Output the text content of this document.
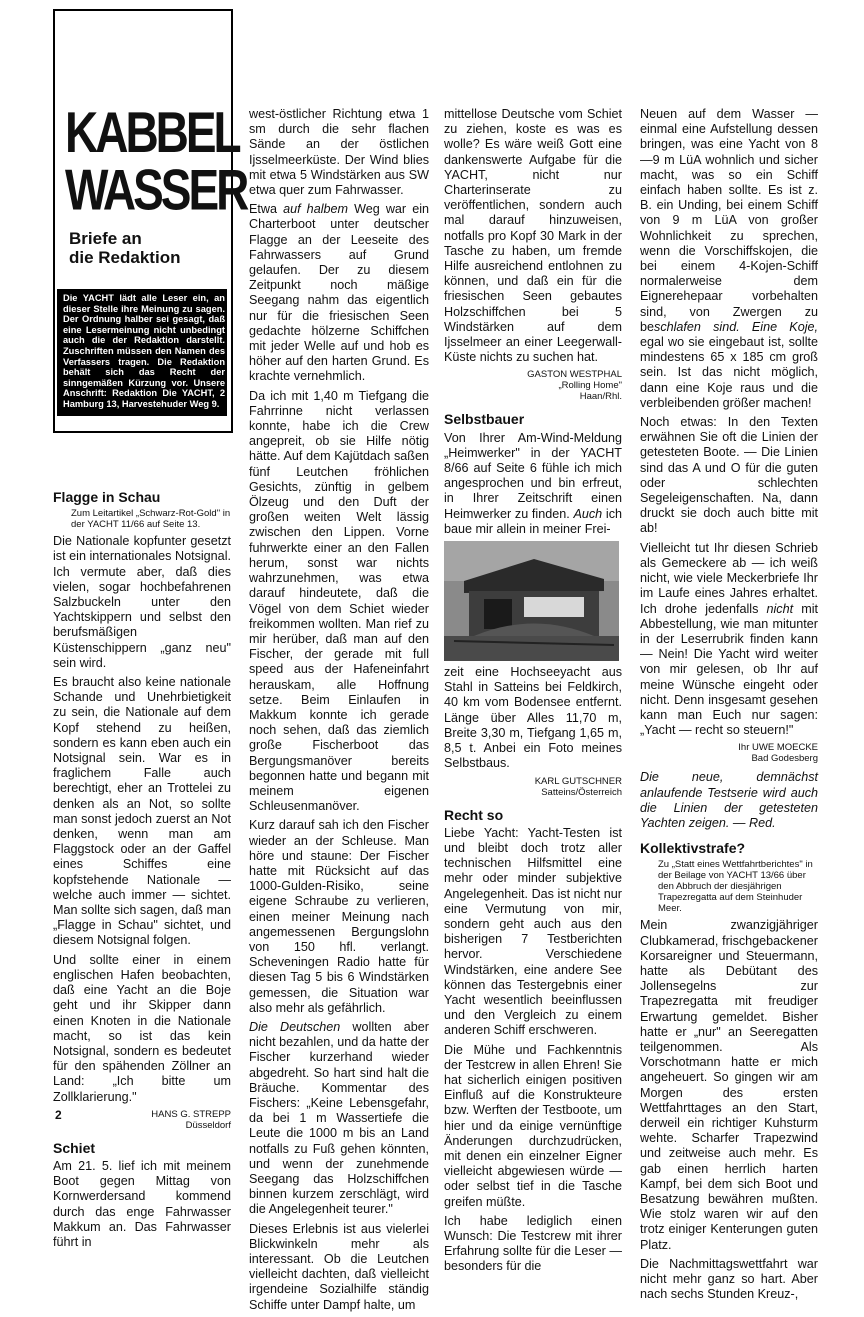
KABBEL
WASSER
Briefe an
die Redaktion
Die YACHT lädt alle Leser ein, an dieser Stelle ihre Meinung zu sagen. Der Ordnung halber sei gesagt, daß eine Lesermeinung nicht unbedingt auch die der Redaktion darstellt. Zuschriften müssen den Namen des Verfassers tragen. Die Redaktion behält sich das Recht der sinngemäßen Kürzung vor. Unsere Anschrift: Redaktion Die YACHT, 2 Hamburg 13, Harvestehuder Weg 9.
Flagge in Schau
Zum Leitartikel „Schwarz-Rot-Gold" in der YACHT 11/66 auf Seite 13.

Die Nationale kopfunter gesetzt ist ein internationales Notsignal. Ich vermute aber, daß dies vielen, sogar hochbefahrenen Salzbuckeln unter den Yachtskippern und selbst den berufsmäßigen Küstenschippern „ganz neu" sein wird.

Es braucht also keine nationale Schande und Unehrbietigkeit zu sein, die Nationale auf dem Kopf stehend zu heißen, sondern es kann eben auch ein Notsignal sein. War es in fraglichem Falle auch berechtigt, eher an Trottelei zu denken als an Not, so sollte man sonst jedoch zuerst an Not denken, wenn man am Flaggstock oder an der Gaffel eines Schiffes eine kopfstehende Nationale — welche auch immer — sichtet. Man sollte sich sagen, daß man „Flagge in Schau" sichtet, und diesem Notsignal folgen.

Und sollte einer in einem englischen Hafen beobachten, daß eine Yacht an die Boje geht und ihr Skipper dann einen Knoten in die Nationale macht, so ist das kein Notsignal, sondern es bedeutet für den spähenden Zöllner an Land: „Ich bitte um Zollklarierung."

HANS G. STREPP
Düsseldorf
Schiet

Am 21. 5. lief ich mit meinem Boot gegen Mittag von Kornwerdersand kommend durch das enge Fahrwasser Makkum an. Das Fahrwasser führt in

west-östlicher Richtung etwa 1 sm durch die sehr flachen Sände an der östlichen Ijsselmeerküste. Der Wind blies mit etwa 5 Windstärken aus SW etwa quer zum Fahrwasser.

Etwa auf halbem Weg war ein Charterboot unter deutscher Flagge an der Leeseite des Fahrwassers auf Grund gelaufen. Der zu diesem Zeitpunkt noch mäßige Seegang nahm das eigentlich nur für die friesischen Seen gedachte hölzerne Schiffchen mit jeder Welle auf und hob es höher auf den harten Grund. Es krachte vernehmlich.

Da ich mit 1,40 m Tiefgang die Fahrrinne nicht verlassen konnte, habe ich die Crew angepreit, ob sie Hilfe nötig hätte. Auf dem Kajütdach saßen fünf Leutchen fröhlichen Gesichts, zünftig in gelbem Ölzeug und den Duft der großen weiten Welt lässig zwischen den Lippen. Vorne fuhrwerkte einer an den Fallen herum, sonst war nichts wahrzunehmen, was etwa darauf hindeutete, daß die Vögel von dem Schiet wieder freikommen wollten. Man rief zu mir herüber, daß man auf den Fischer, der gerade mit full speed aus der Hafeneinfahrt herauskam, alle Hoffnung setze. Beim Einlaufen in Makkum konnte ich gerade noch sehen, daß das ziemlich große Fischerboot das Bergungsmanöver bereits begonnen hatte und begann mit meinem eigenen Schleusenmanöver.

Kurz darauf sah ich den Fischer wieder an der Schleuse. Man höre und staune: Der Fischer hatte mit Rücksicht auf das 1000-Gulden-Risiko, seine eigene Schraube zu verlieren, einen meiner Meinung nach angemessenen Bergungslohn von 150 hfl. verlangt. Scheveningen Radio hatte für diesen Tag 5 bis 6 Windstärken gemessen, die Situation war also mehr als gefährlich.

Die Deutschen wollten aber nicht bezahlen, und da hatte der Fischer kurzerhand wieder abgedreht. So hart sind halt die Bräuche. Kommentar des Fischers: „Keine Lebensgefahr, da bei 1 m Wassertiefe die Leute die 1000 m bis an Land notfalls zu Fuß gehen könnten, und wenn der zunehmende Seegang das Holzschiffchen binnen kurzem zerschlägt, wird die Angelegenheit teurer."

Dieses Erlebnis ist aus vielerlei Blickwinkeln mehr als interessant. Ob die Leutchen vielleicht dachten, daß vielleicht irgendeine Sozialhilfe ständig Schiffe unter Dampf halte, um

mittellose Deutsche vom Schiet zu ziehen, koste es was es wolle? Es wäre weiß Gott eine dankenswerte Aufgabe für die YACHT, nicht nur Charterinserate zu veröffentlichen, sondern auch mal darauf hinzuweisen, notfalls pro Kopf 30 Mark in der Tasche zu haben, um fremde Hilfe ausreichend entlohnen zu können, und daß ein für die friesischen Seen gebautes Holzschiffchen bei 5 Windstärken auf dem Ijsselmeer an einer Leegerwall-Küste nichts zu suchen hat.

GASTON WESTPHAL
„Rolling Home"
Haan/Rhl.
Selbstbauer

Von Ihrer Am-Wind-Meldung „Heimwerker" in der YACHT 8/66 auf Seite 6 fühle ich mich angesprochen und bin erfreut, in Ihrer Zeitschrift einen Heimwerker zu finden. Auch ich baue mir allein in meiner Frei-

zeit eine Hochseeyacht aus Stahl in Satteins bei Feldkirch, 40 km vom Bodensee entfernt. Länge über Alles 11,70 m, Breite 3,30 m, Tiefgang 1,65 m, 8,5 t. Anbei ein Foto meines Selbstbaus.

KARL GUTSCHNER
Satteins/Österreich
Recht so

Liebe Yacht: Yacht-Testen ist und bleibt doch trotz aller technischen Hilfsmittel eine mehr oder minder subjektive Angelegenheit. Das ist nicht nur eine Vermutung von mir, sondern geht auch aus den bisherigen 7 Testberichten hervor. Verschiedene Windstärken, eine andere See können das Testergebnis einer Yacht wesentlich beeinflussen und den Vergleich zu einem anderen Schiff erschweren.

Die Mühe und Fachkenntnis der Testcrew in allen Ehren! Sie hat sicherlich einigen positiven Einfluß auf die Konstrukteure bzw. Werften der Testboote, um hier und da einige vernünftige Änderungen durchzudrücken, mit denen ein einzelner Eigner vielleicht abgewiesen würde — oder selbst tief in die Tasche greifen müßte.

Ich habe lediglich einen Wunsch: Die Testcrew mit ihrer Erfahrung sollte für die Leser — besonders für die

Neuen auf dem Wasser — einmal eine Aufstellung dessen bringen, was eine Yacht von 8—9 m LüA wohnlich und sicher macht, was so ein Schiff einfach haben sollte. Es ist z. B. ein Unding, bei einem Schiff von 9 m LüA von großer Wohnlichkeit zu sprechen, wenn die Vorschiffskojen, die bei einem 4-Kojen-Schiff normalerweise dem Eignerehepaar vorbehalten sind, von Zwergen zu beschlafen sind. Eine Koje, egal wo sie eingebaut ist, sollte mindestens 65 x 185 cm groß sein. Ist das nicht möglich, dann eine Koje raus und die verbleibenden größer machen!

Noch etwas: In den Texten erwähnen Sie oft die Linien der getesteten Boote. — Die Linien sind das A und O für die guten oder schlechten Segeleigenschaften. Na, dann druckt sie doch auch bitte mit ab!

Vielleicht tut Ihr diesen Schrieb als Gemeckere ab — ich weiß nicht, wie viele Meckerbriefe Ihr im Laufe eines Jahres erhaltet. Ich drohe jedenfalls nicht mit Abbestellung, wie man mitunter in der Leserrubrik finden kann — Nein! Die Yacht wird weiter von mir gelesen, ob Ihr auf meine Wünsche eingeht oder nicht. Denn insgesamt gesehen kann man Euch nur sagen: „Yacht — recht so steuern!"

Ihr UWE MOECKE
Bad Godesberg

Die neue, demnächst anlaufende Testserie wird auch die Linien der getesteten Yachten zeigen. — Red.

Kollektivstrafe?
Zu „Statt eines Wettfahrtberichtes" in der Beilage von YACHT 13/66 über den Abbruch der diesjährigen Trapezregatta auf dem Steinhuder Meer.

Mein zwanzigjähriger Clubkamerad, frischgebackener Korsareigner und Steuermann, hatte als Debütant des Jollensegelns zur Trapezregatta mit freudiger Erwartung gemeldet. Bisher hatte er „nur" an Seeregatten teilgenommen. Als Vorschotmann hatte er mich angeheuert. So gingen wir am Morgen des ersten Wettfahrttages an den Start, derweil ein richtiger Kuhsturm wehte. Scharfer Trapezwind und zeitweise auch mehr. Es gab einen herrlich harten Kampf, bei dem sich Boot und Besatzung bewähren mußten. Wie stolz waren wir auf den trotz einiger Kenterungen guten Platz.

Die Nachmittagswettfahrt war nicht mehr ganz so hart. Aber nach sechs Stunden Kreuz-,

2
